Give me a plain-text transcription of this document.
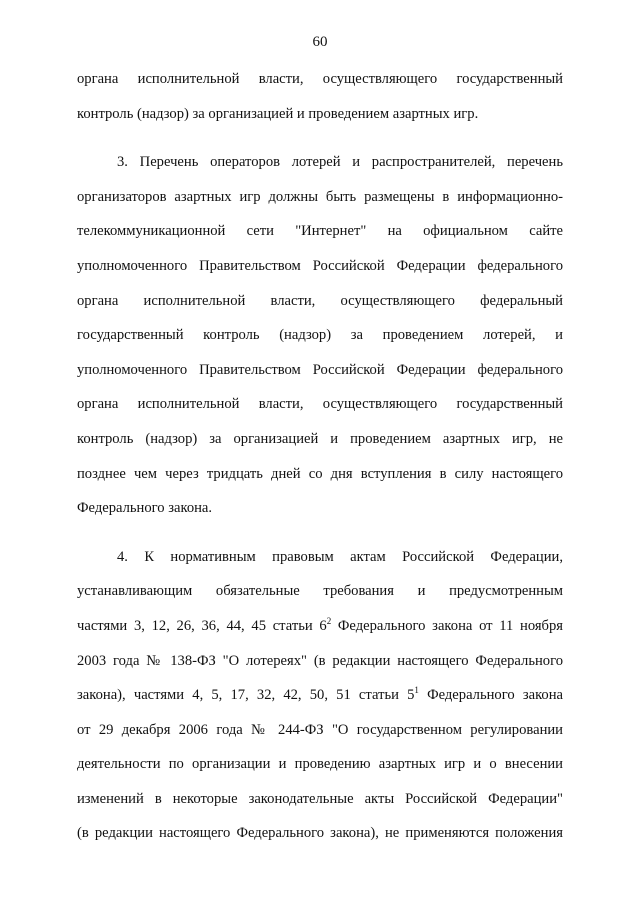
60
органа исполнительной власти, осуществляющего государственный
контроль (надзор) за организацией и проведением азартных игр.
3. Перечень операторов лотерей и распространителей, перечень
организаторов азартных игр должны быть размещены в информационно-
телекоммуникационной сети "Интернет" на официальном сайте
уполномоченного Правительством Российской Федерации федерального
органа исполнительной власти, осуществляющего федеральный
государственный контроль (надзор) за проведением лотерей, и
уполномоченного Правительством Российской Федерации федерального
органа исполнительной власти, осуществляющего государственный
контроль (надзор) за организацией и проведением азартных игр, не
позднее чем через тридцать дней со дня вступления в силу настоящего
Федерального закона.
4. К нормативным правовым актам Российской Федерации,
устанавливающим обязательные требования и предусмотренным
частями 3, 12, 26, 36, 44, 45 статьи $6^2$ Федерального закона от 11 ноября
2003 года № 138-ФЗ "О лотереях" (в редакции настоящего Федерального
закона), частями 4, 5, 17, 32, 42, 50, 51 статьи $5^1$ Федерального закона
от 29 декабря 2006 года № 244-ФЗ "О государственном регулировании
деятельности по организации и проведению азартных игр и о внесении
изменений в некоторые законодательные акты Российской Федерации"
(в редакции настоящего Федерального закона), не применяются положения
